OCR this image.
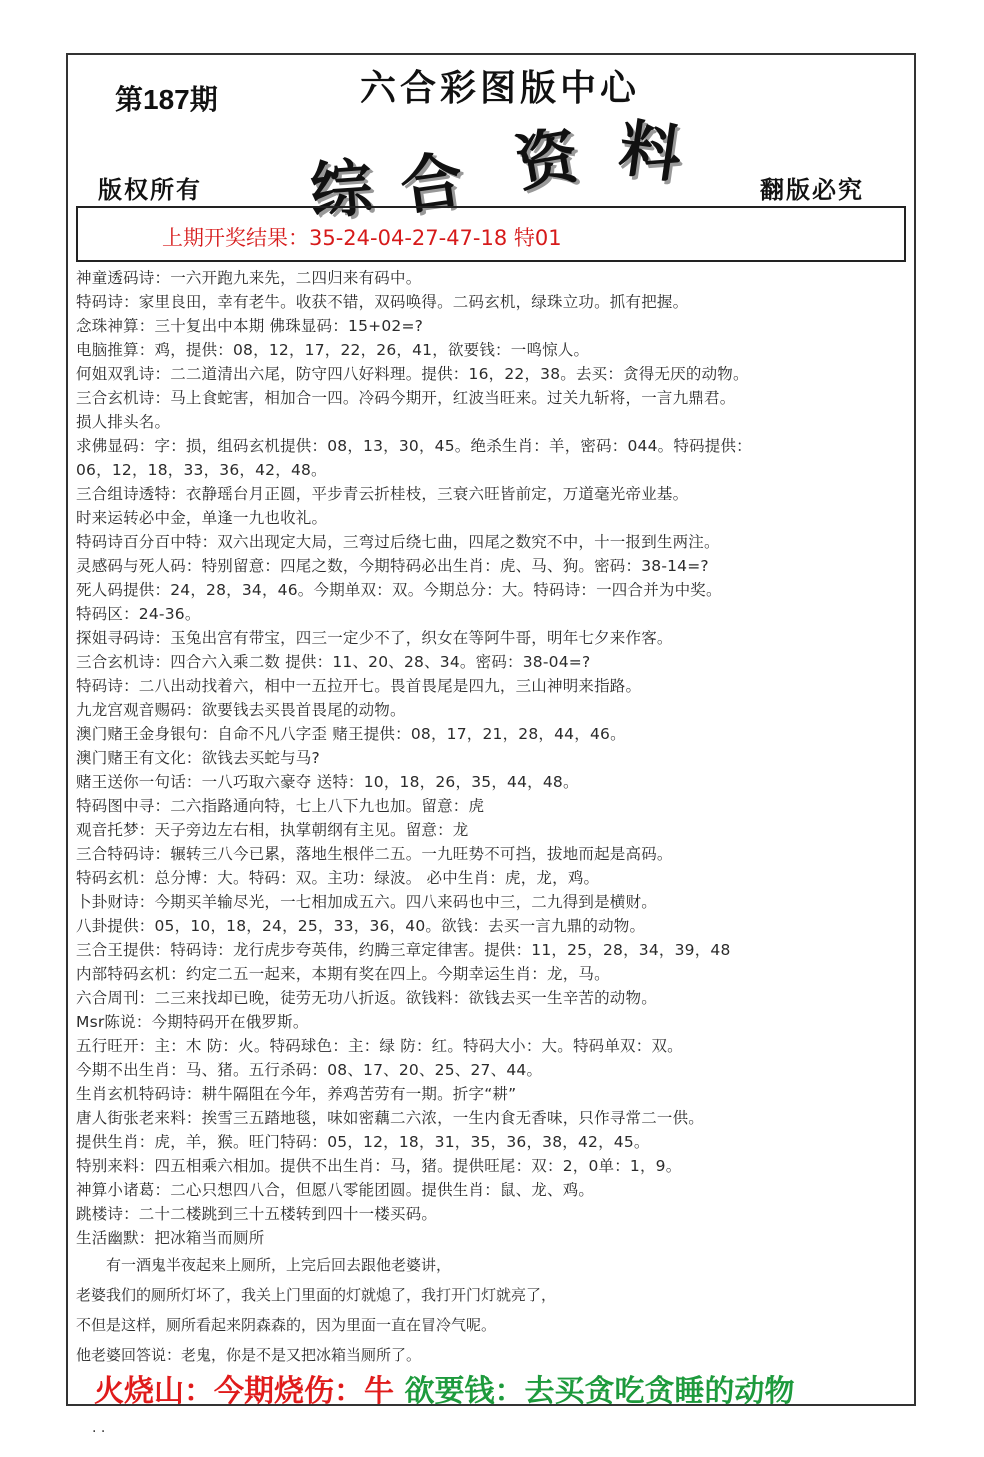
第187期	六合彩图版中心
综 合 资 料
版权所有	翻版必究
上期开奖结果：35-24-04-27-47-18 特01
神童透码诗：一六开跑九来先，二四归来有码中。
特码诗：家里良田，幸有老牛。收获不错，双码唤得。二码玄机，绿珠立功。抓有把握。
念珠神算：三十复出中本期 佛珠显码：15+02=?
电脑推算：鸡，提供：08，12，17，22，26，41，欲要钱：一鸣惊人。
何姐双乳诗：二二道清出六尾，防守四八好料理。提供：16，22，38。去买：贪得无厌的动物。
三合玄机诗：马上食蛇害，相加合一四。冷码今期开，红波当旺来。过关九斩将，一言九鼎君。
损人排头名。
求佛显码：字：损，组码玄机提供：08，13，30，45。绝杀生肖：羊，密码：044。特码提供：
06，12，18，33，36，42，48。
三合组诗透特：衣静瑶台月正圆，平步青云折桂枝，三衰六旺皆前定，万道毫光帝业基。
时来运转必中金，单逢一九也收礼。
特码诗百分百中特：双六出现定大局，三弯过后绕七曲，四尾之数究不中，十一报到生两注。
灵感码与死人码：特别留意：四尾之数，今期特码必出生肖：虎、马、狗。密码：38-14=?
死人码提供：24，28，34，46。今期单双：双。今期总分：大。特码诗：一四合并为中奖。
特码区：24-36。
探姐寻码诗：玉兔出宫有带宝，四三一定少不了，织女在等阿牛哥，明年七夕来作客。
三合玄机诗：四合六入乘二数 提供：11、20、28、34。密码：38-04=?
特码诗：二八出动找着六，相中一五拉开七。畏首畏尾是四九，三山神明来指路。
九龙宫观音赐码：欲要钱去买畏首畏尾的动物。
澳门赌王金身银句：自命不凡八字歪 赌王提供：08，17，21，28，44，46。
澳门赌王有文化：欲钱去买蛇与马?
赌王送你一句话：一八巧取六豪夺 送特：10，18，26，35，44，48。
特码图中寻：二六指路通向特，七上八下九也加。留意：虎
观音托梦：天子旁边左右相，执掌朝纲有主见。留意：龙
三合特码诗：辗转三八今已累，落地生根伴二五。一九旺势不可挡，拔地而起是高码。
特码玄机：总分博：大。特码：双。主功：绿波。 必中生肖：虎，龙，鸡。
卜卦财诗：今期买羊输尽光，一七相加成五六。四八来码也中三，二九得到是横财。
八卦提供：05，10，18，24，25，33，36，40。欲钱：去买一言九鼎的动物。
三合王提供：特码诗：龙行虎步夸英伟，约腾三章定律害。提供：11，25，28，34，39，48
内部特码玄机：约定二五一起来，本期有奖在四上。今期幸运生肖：龙，马。
六合周刊：二三来找却已晚，徒劳无功八折返。欲钱料：欲钱去买一生辛苦的动物。
Msr陈说：今期特码开在俄罗斯。
五行旺开：主：木 防：火。特码球色：主：绿 防：红。特码大小：大。特码单双：双。
今期不出生肖：马、猪。五行杀码：08、17、20、25、27、44。
生肖玄机特码诗：耕牛隔阻在今年，养鸡苦劳有一期。折字“耕”
唐人街张老来料：挨雪三五踏地毯，味如密藕二六浓，一生内食无香味，只作寻常二一供。
提供生肖：虎，羊，猴。旺门特码：05，12，18，31，35，36，38，42，45。
特别来料：四五相乘六相加。提供不出生肖：马，猪。提供旺尾：双：2，0单：1，9。
神算小诸葛：二心只想四八合，但愿八零能团圆。提供生肖：鼠、龙、鸡。
跳楼诗：二十二楼跳到三十五楼转到四十一楼买码。
生活幽默：把冰箱当而厕所
　　有一酒鬼半夜起来上厕所，上完后回去跟他老婆讲，
老婆我们的厕所灯坏了，我关上门里面的灯就熄了，我打开门灯就亮了，
不但是这样，厕所看起来阴森森的，因为里面一直在冒冷气呢。
他老婆回答说：老鬼，你是不是又把冰箱当厕所了。
火烧山：今期烧伤：牛 欲要钱：去买贪吃贪睡的动物
. .
